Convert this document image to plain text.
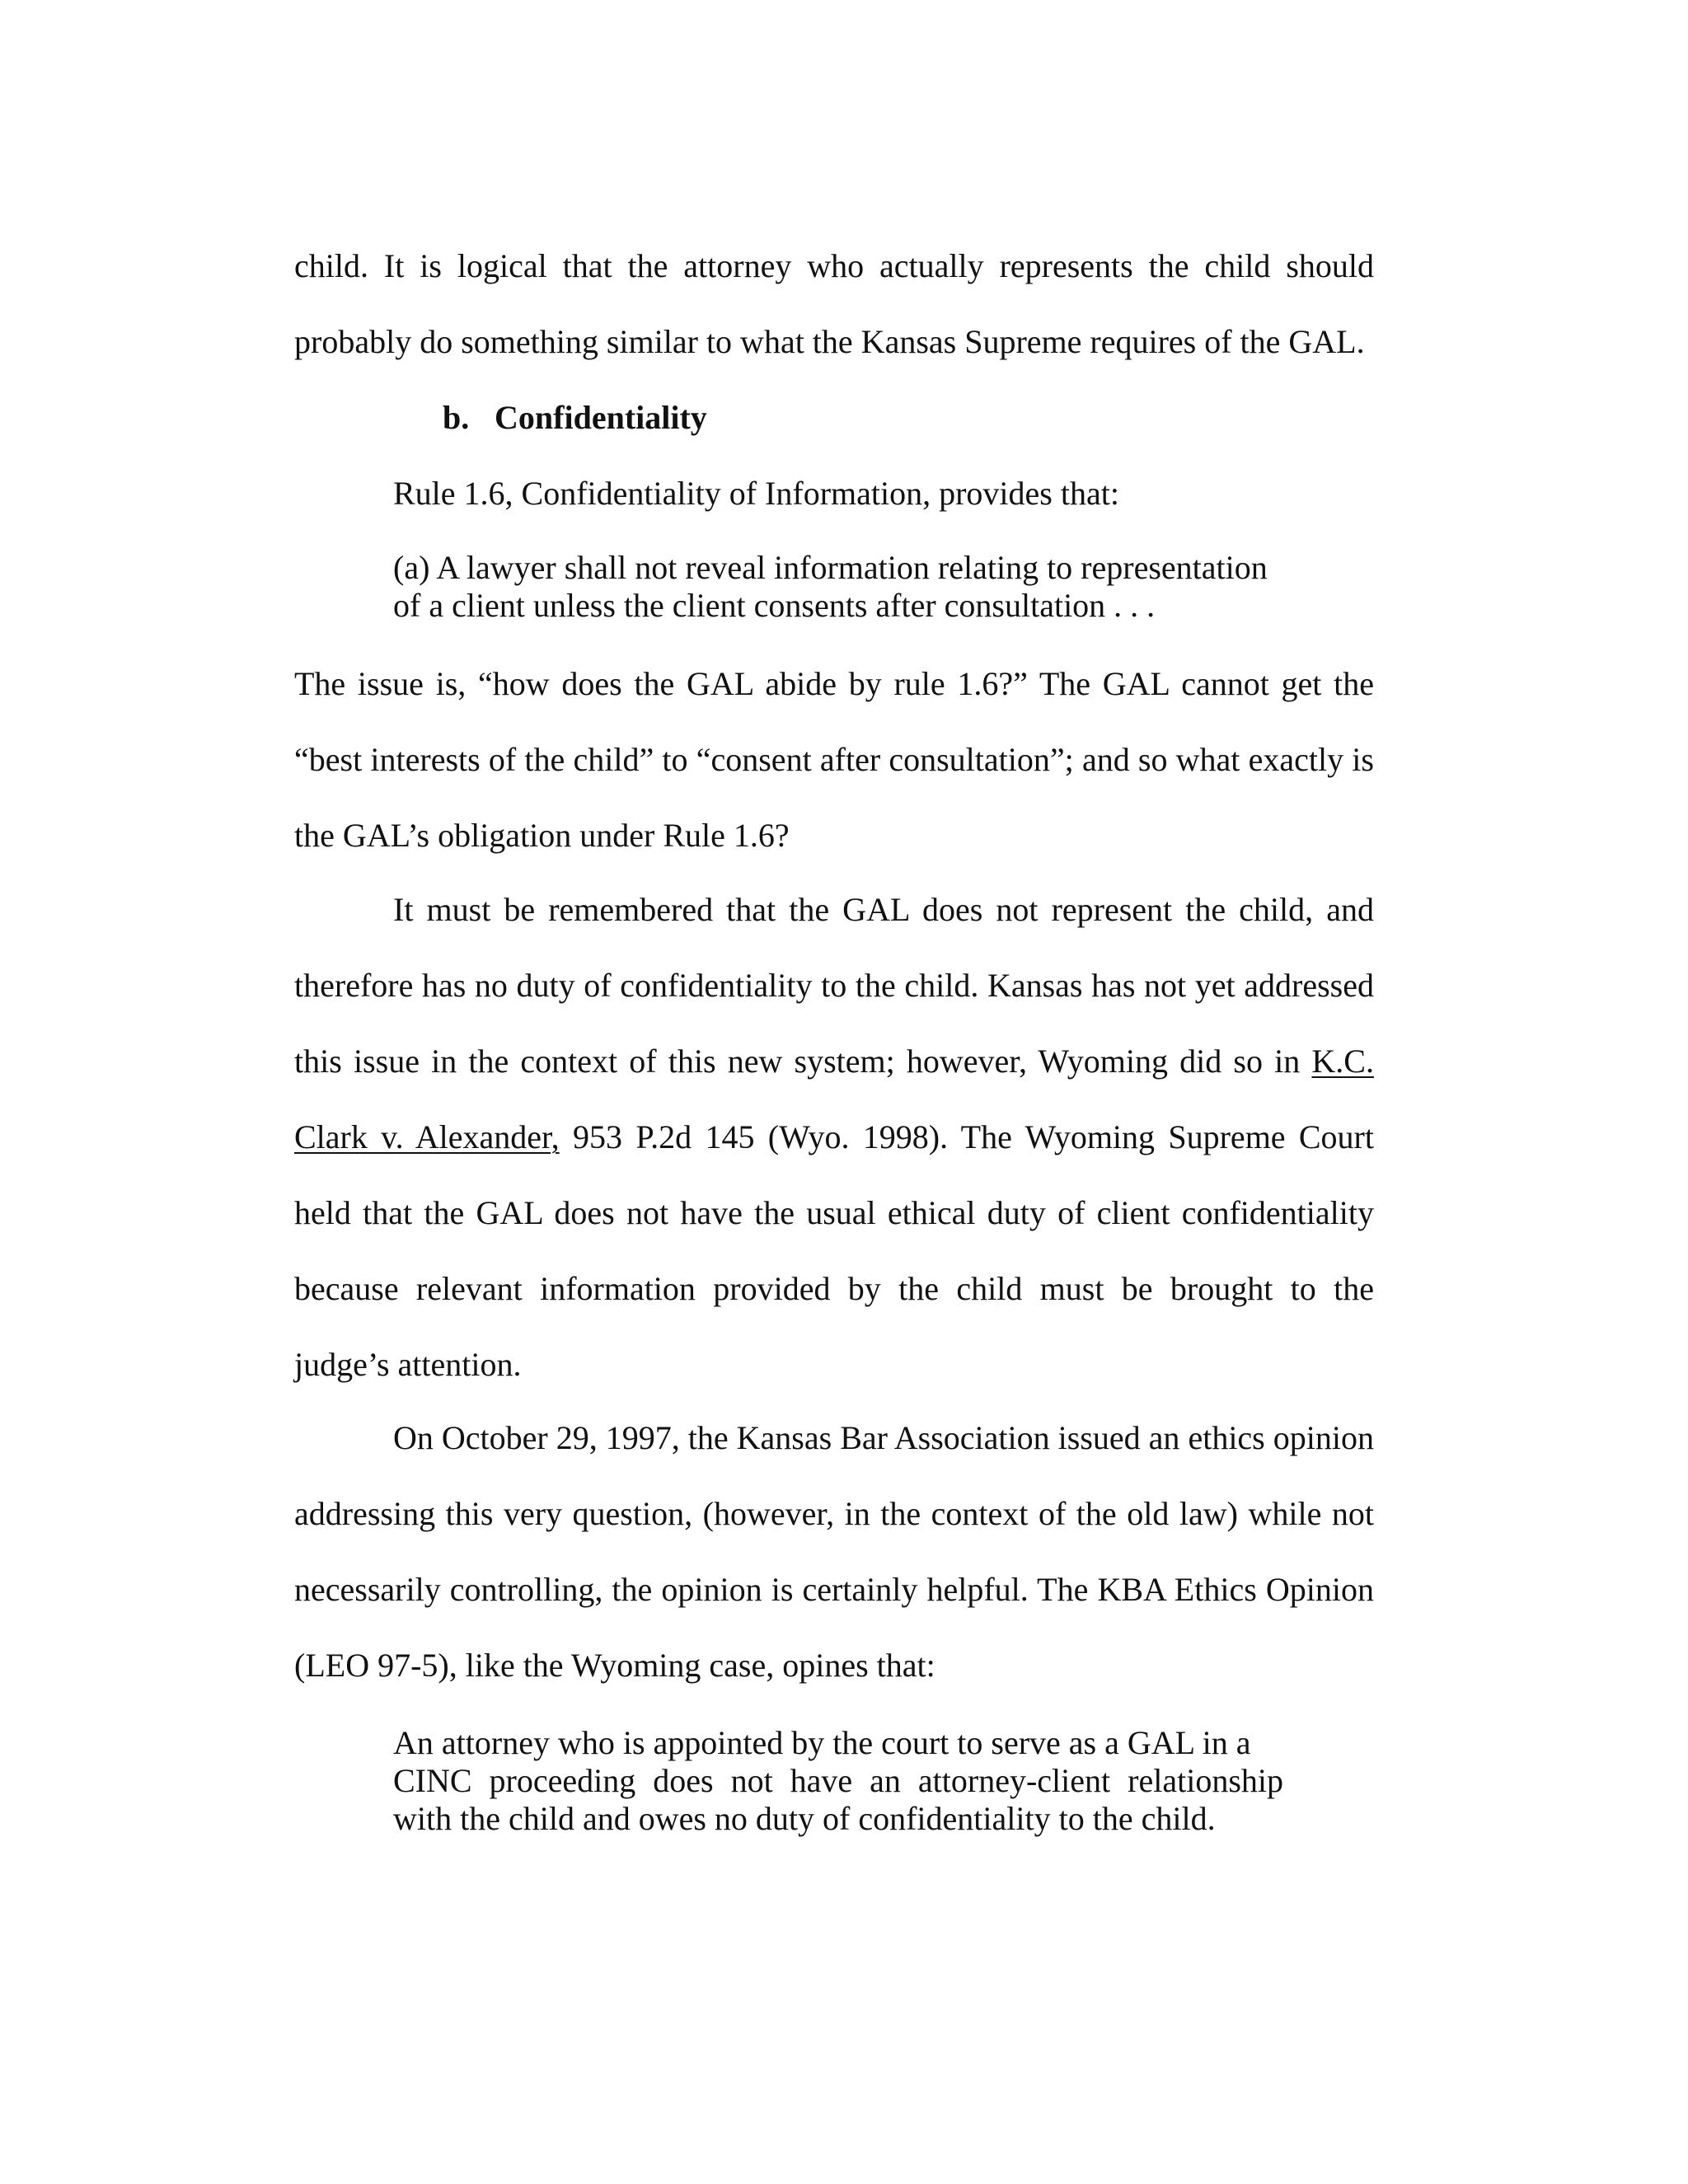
child. It is logical that the attorney who actually represents the child should probably do something similar to what the Kansas Supreme requires of the GAL.

b. Confidentiality

Rule 1.6, Confidentiality of Information, provides that:

(a) A lawyer shall not reveal information relating to representation
of a client unless the client consents after consultation . . .

The issue is, “how does the GAL abide by rule 1.6?” The GAL cannot get the “best interests of the child” to “consent after consultation”; and so what exactly is the GAL’s obligation under Rule 1.6?

It must be remembered that the GAL does not represent the child, and therefore has no duty of confidentiality to the child. Kansas has not yet addressed this issue in the context of this new system; however, Wyoming did so in K.C. Clark v. Alexander, 953 P.2d 145 (Wyo. 1998). The Wyoming Supreme Court held that the GAL does not have the usual ethical duty of client confidentiality because relevant information provided by the child must be brought to the judge’s attention.

On October 29, 1997, the Kansas Bar Association issued an ethics opinion addressing this very question, (however, in the context of the old law) while not necessarily controlling, the opinion is certainly helpful. The KBA Ethics Opinion (LEO 97-5), like the Wyoming case, opines that:

An attorney who is appointed by the court to serve as a GAL in a
CINC proceeding does not have an attorney-client relationship
with the child and owes no duty of confidentiality to the child.
